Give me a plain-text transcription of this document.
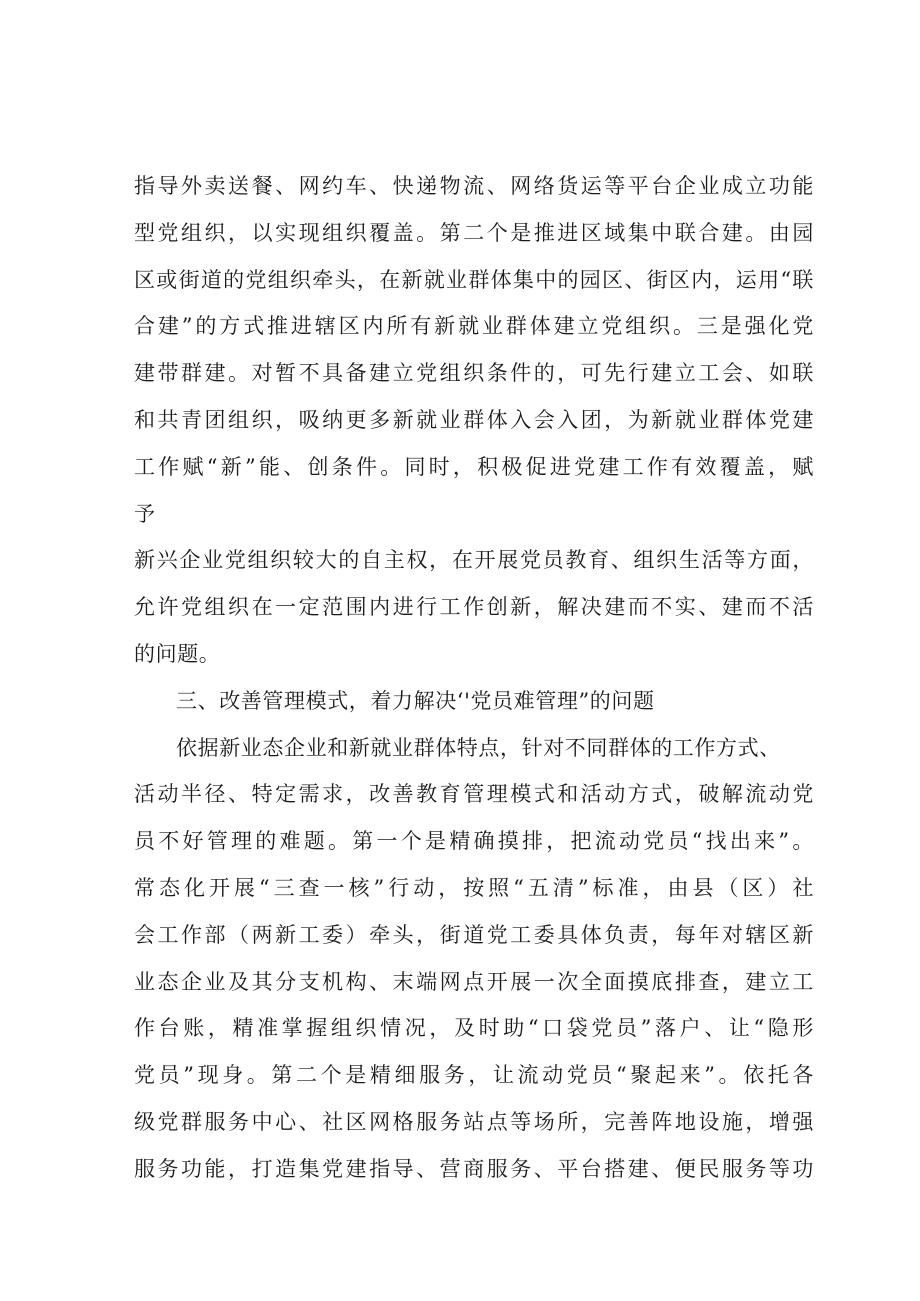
指导外卖送餐、网约车、快递物流、网络货运等平台企业成立功能
型党组织，以实现组织覆盖。第二个是推进区域集中联合建。由园
区或街道的党组织牵头，在新就业群体集中的园区、街区内，运用“联
合建”的方式推进辖区内所有新就业群体建立党组织。三是强化党
建带群建。对暂不具备建立党组织条件的，可先行建立工会、如联
和共青团组织，吸纳更多新就业群体入会入团，为新就业群体党建
工作赋“新”能、创条件。同时，积极促进党建工作有效覆盖，赋
予
新兴企业党组织较大的自主权，在开展党员教育、组织生活等方面，
允许党组织在一定范围内进行工作创新，解决建而不实、建而不活
的问题。
三、改善管理模式，着力解决‘'党员难管理”的问题
依据新业态企业和新就业群体特点，针对不同群体的工作方式、
活动半径、特定需求，改善教育管理模式和活动方式，破解流动党
员不好管理的难题。第一个是精确摸排，把流动党员“找出来”。
常态化开展“三查一核”行动，按照“五清”标准，由县（区）社
会工作部（两新工委）牵头，街道党工委具体负责，每年对辖区新
业态企业及其分支机构、末端网点开展一次全面摸底排查，建立工
作台账，精准掌握组织情况，及时助“口袋党员”落户、让“隐形
党员”现身。第二个是精细服务，让流动党员“聚起来”。依托各
级党群服务中心、社区网格服务站点等场所，完善阵地设施，增强
服务功能，打造集党建指导、营商服务、平台搭建、便民服务等功
